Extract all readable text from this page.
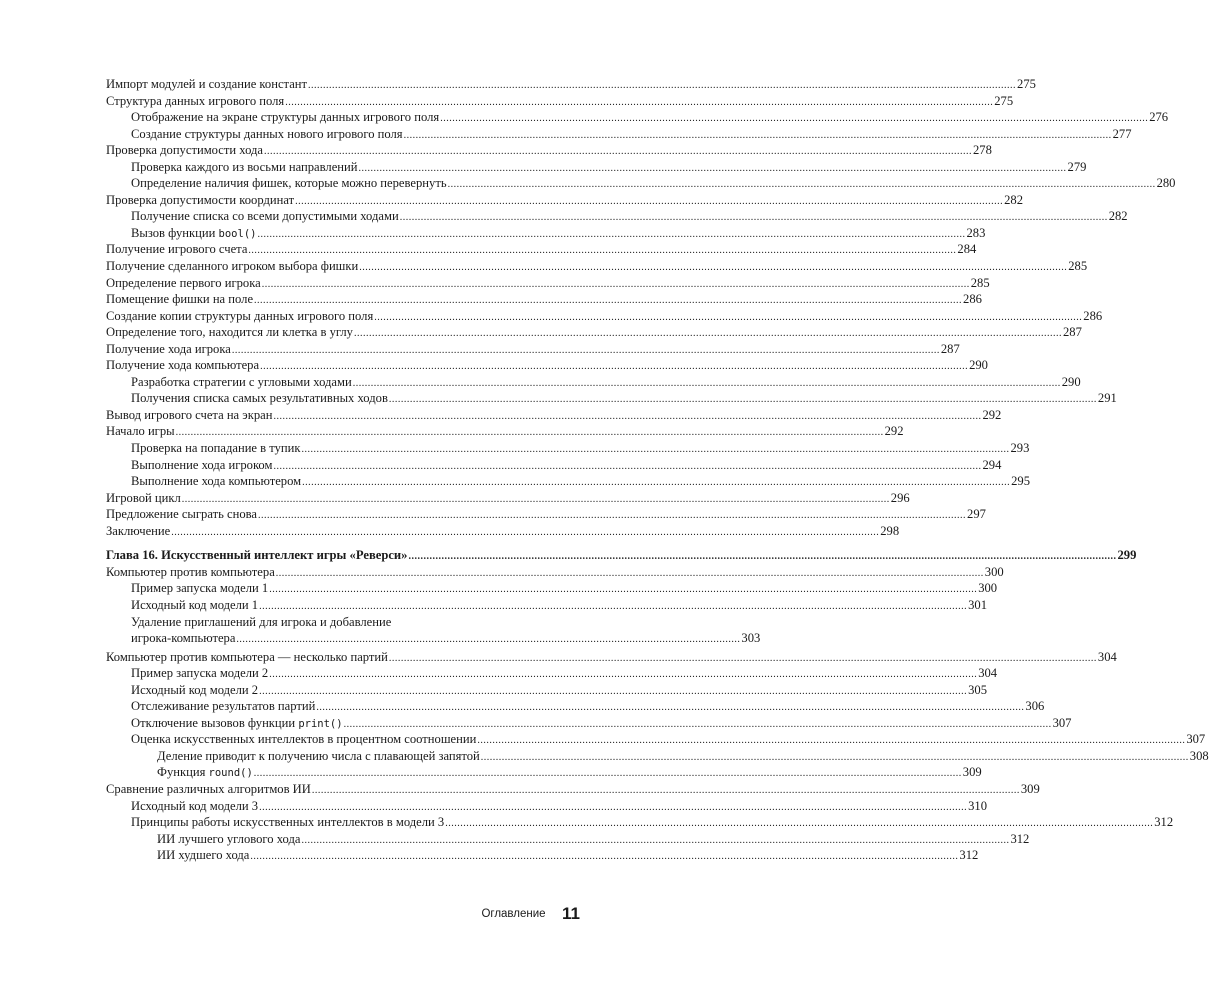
Импорт модулей и создание констант .....	275
Структура данных игрового поля .....	275
Отображение на экране структуры данных игрового поля .....	276
Создание структуры данных нового игрового поля .....	277
Проверка допустимости хода .....	278
Проверка каждого из восьми направлений .....	279
Определение наличия фишек, которые можно перевернуть .....	280
Проверка допустимости координат .....	282
Получение списка со всеми допустимыми ходами .....	282
Вызов функции bool() .....	283
Получение игрового счета .....	284
Получение сделанного игроком выбора фишки .....	285
Определение первого игрока .....	285
Помещение фишки на поле .....	286
Создание копии структуры данных игрового поля .....	286
Определение того, находится ли клетка в углу .....	287
Получение хода игрока .....	287
Получение хода компьютера .....	290
Разработка стратегии с угловыми ходами .....	290
Получения списка самых результативных ходов .....	291
Вывод игрового счета на экран .....	292
Начало игры .....	292
Проверка на попадание в тупик .....	293
Выполнение хода игроком .....	294
Выполнение хода компьютером .....	295
Игровой цикл .....	296
Предложение сыграть снова .....	297
Заключение .....	298
Глава 16. Искусственный интеллект игры «Реверси» .....	299
Компьютер против компьютера .....	300
Пример запуска модели 1 .....	300
Исходный код модели 1 .....	301
Удаление приглашений для игрока и добавление
игрока-компьютера ........................................................................................................................................................................ 303
Компьютер против компьютера — несколько партий .....	304
Пример запуска модели 2 .....	304
Исходный код модели 2 .....	305
Отслеживание результатов партий .....	306
Отключение вызовов функции print() .....	307
Оценка искусственных интеллектов в процентном соотношении .....	307
Деление приводит к получению числа с плавающей запятой .....	308
Функция round() .....	309
Сравнение различных алгоритмов ИИ .....	309
Исходный код модели 3 .....	310
Принципы работы искусственных интеллектов в модели 3 .....	312
ИИ лучшего углового хода .....	312
ИИ худшего хода .....	312
Оглавление 11
